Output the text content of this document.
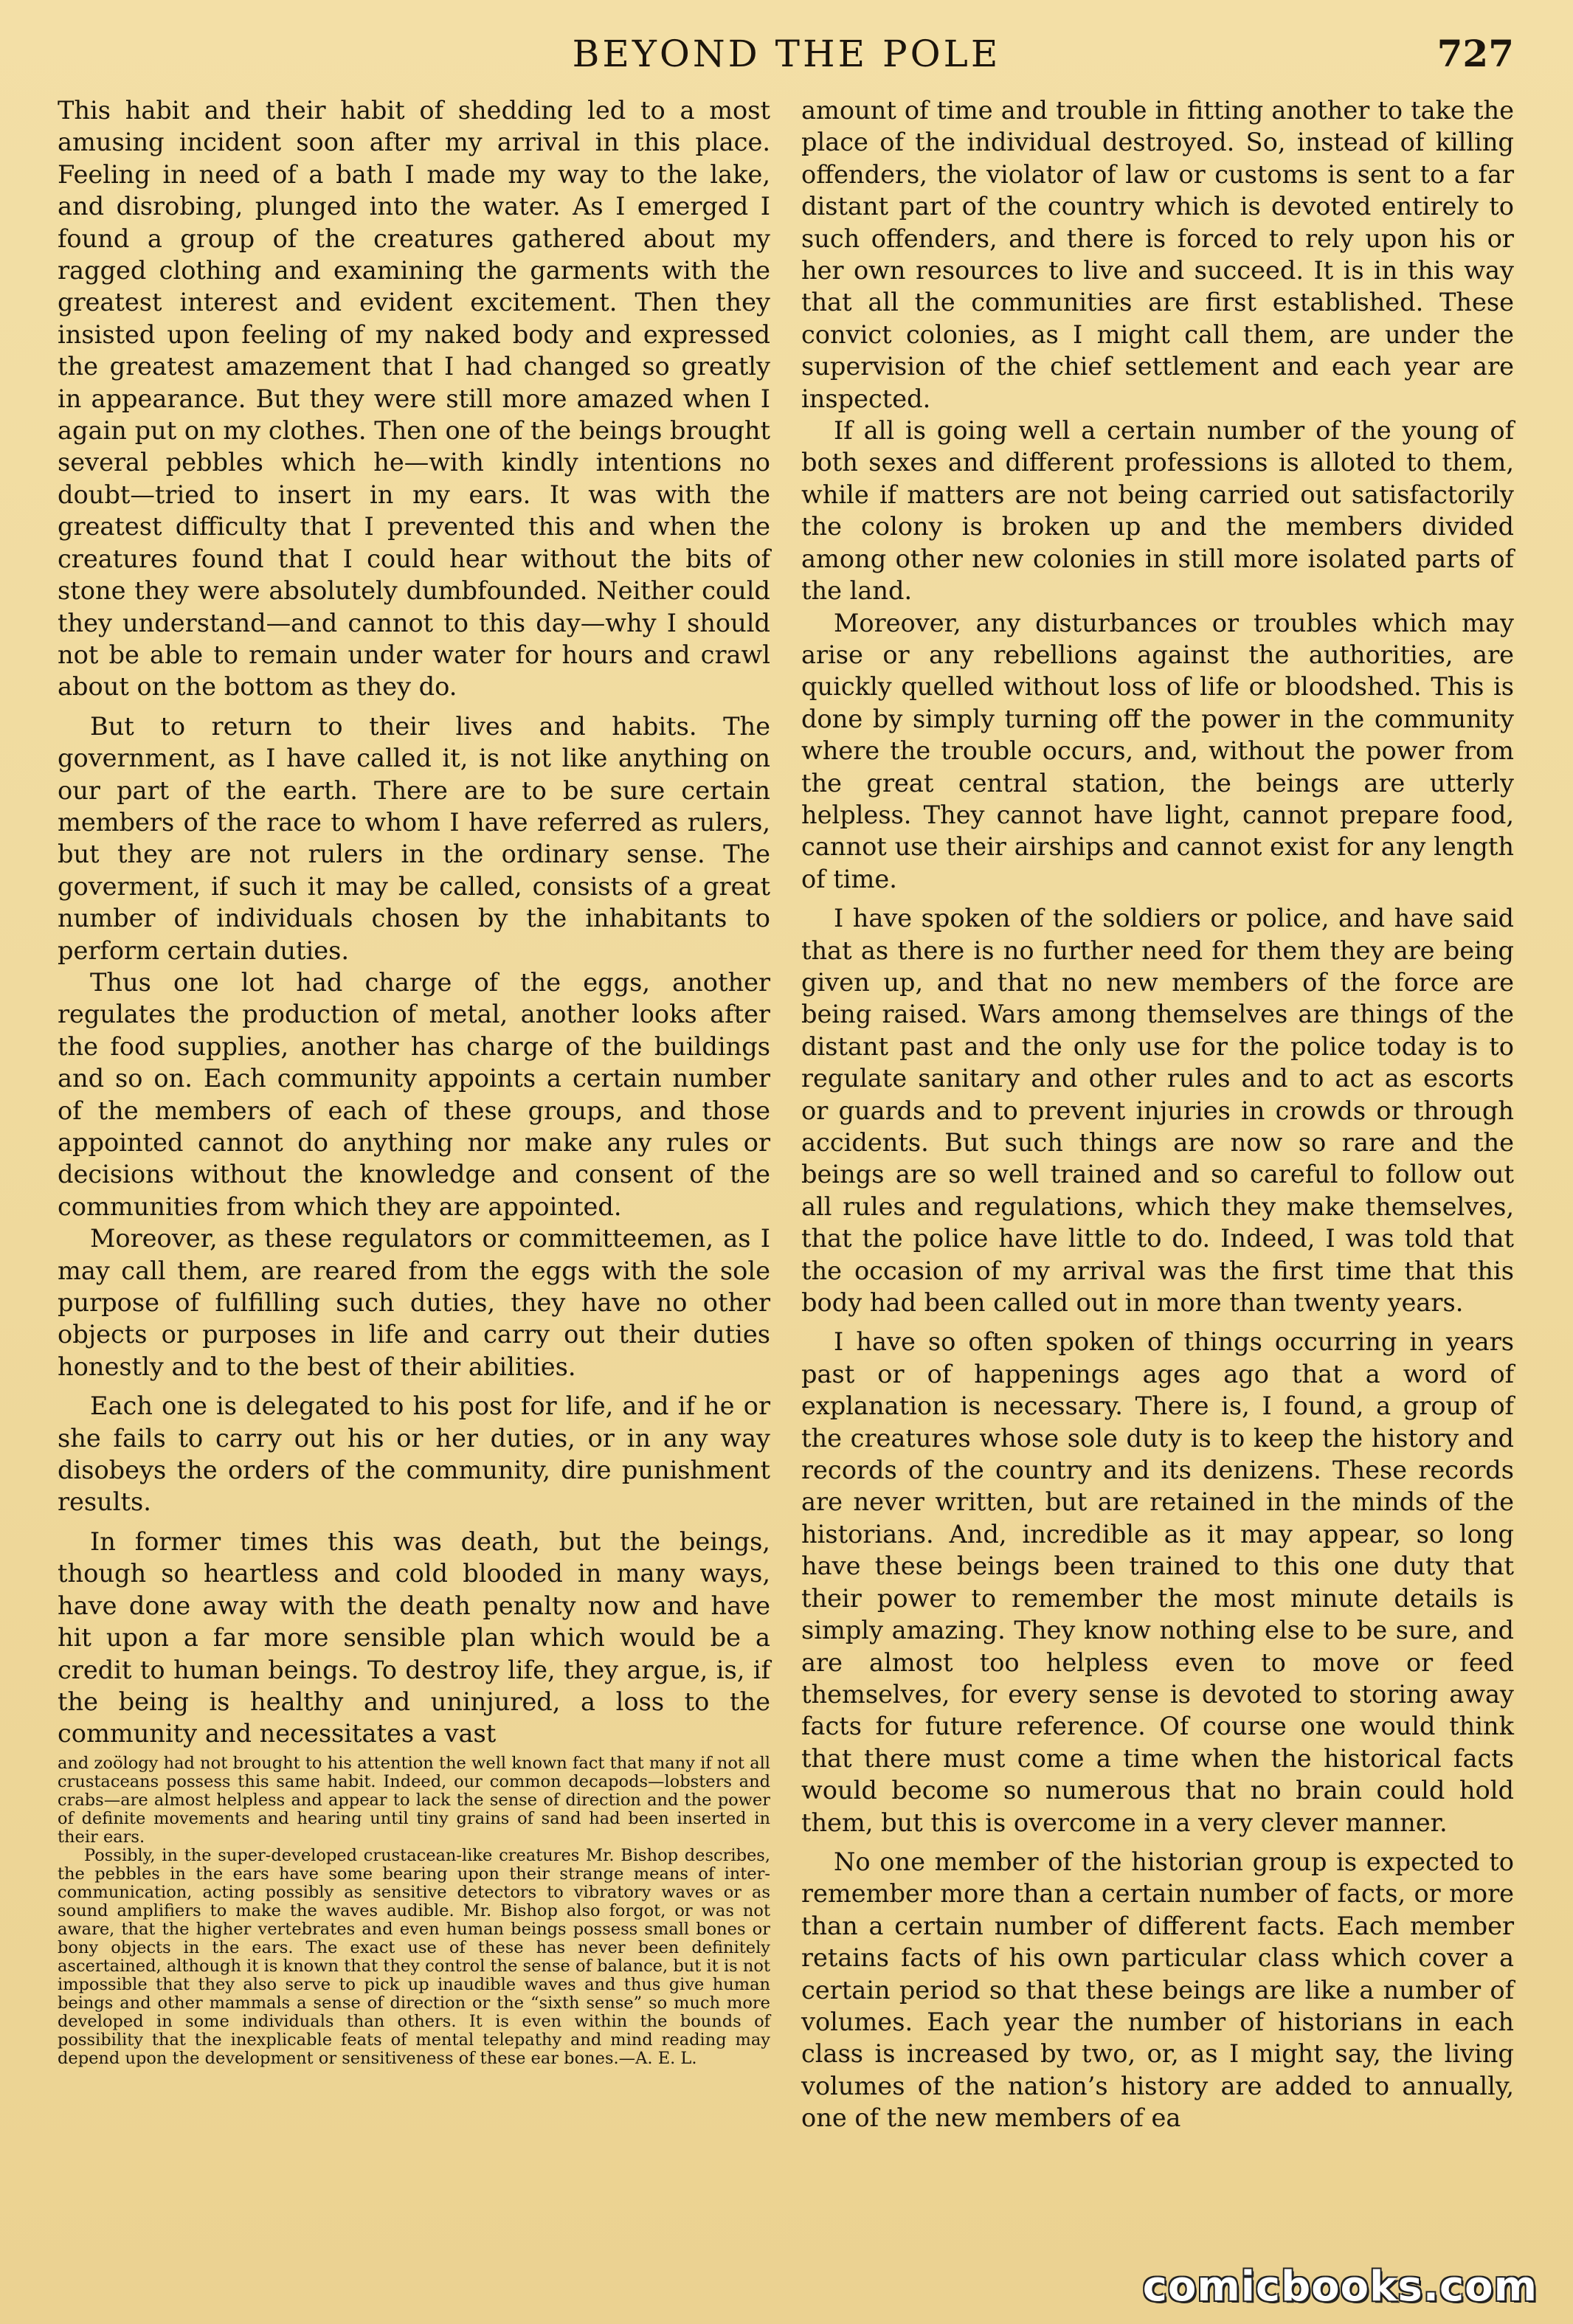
BEYOND THE POLE	727

This habit and their habit of shedding led to a most amusing incident soon after my arrival in this place. Feeling in need of a bath I made my way to the lake, and disrobing, plunged into the water. As I emerged I found a group of the creatures gathered about my ragged clothing and examining the garments with the greatest interest and evident excitement. Then they insisted upon feeling of my naked body and expressed the greatest amazement that I had changed so greatly in appearance. But they were still more amazed when I again put on my clothes. Then one of the beings brought several pebbles which he—with kindly intentions no doubt—tried to insert in my ears. It was with the greatest difficulty that I prevented this and when the creatures found that I could hear without the bits of stone they were absolutely dumbfounded. Neither could they understand—and cannot to this day—why I should not be able to remain under water for hours and crawl about on the bottom as they do.

But to return to their lives and habits. The government, as I have called it, is not like anything on our part of the earth. There are to be sure certain members of the race to whom I have referred as rulers, but they are not rulers in the ordinary sense. The goverment, if such it may be called, consists of a great number of individuals chosen by the inhabitants to perform certain duties.

Thus one lot had charge of the eggs, another regulates the production of metal, another looks after the food supplies, another has charge of the buildings and so on. Each community appoints a certain number of the members of each of these groups, and those appointed cannot do anything nor make any rules or decisions without the knowledge and consent of the communities from which they are appointed.

Moreover, as these regulators or committeemen, as I may call them, are reared from the eggs with the sole purpose of fulfilling such duties, they have no other objects or purposes in life and carry out their duties honestly and to the best of their abilities.

Each one is delegated to his post for life, and if he or she fails to carry out his or her duties, or in any way disobeys the orders of the community, dire punishment results.

In former times this was death, but the beings, though so heartless and cold blooded in many ways, have done away with the death penalty now and have hit upon a far more sensible plan which would be a credit to human beings. To destroy life, they argue, is, if the being is healthy and uninjured, a loss to the community and necessitates a vast

and zoölogy had not brought to his attention the well known fact that many if not all crustaceans possess this same habit. Indeed, our common decapods—lobsters and crabs—are almost helpless and appear to lack the sense of direction and the power of definite movements and hearing until tiny grains of sand had been inserted in their ears.

Possibly, in the super-developed crustacean-like creatures Mr. Bishop describes, the pebbles in the ears have some bearing upon their strange means of inter-communication, acting possibly as sensitive detectors to vibratory waves or as sound amplifiers to make the waves audible. Mr. Bishop also forgot, or was not aware, that the higher vertebrates and even human beings possess small bones or bony objects in the ears. The exact use of these has never been definitely ascertained, although it is known that they control the sense of balance, but it is not impossible that they also serve to pick up inaudible waves and thus give human beings and other mammals a sense of direction or the “sixth sense” so much more developed in some individuals than others. It is even within the bounds of possibility that the inexplicable feats of mental telepathy and mind reading may depend upon the development or sensitiveness of these ear bones.—A. E. L.

amount of time and trouble in fitting another to take the place of the individual destroyed. So, instead of killing offenders, the violator of law or customs is sent to a far distant part of the country which is devoted entirely to such offenders, and there is forced to rely upon his or her own resources to live and succeed. It is in this way that all the communities are first established. These convict colonies, as I might call them, are under the supervision of the chief settlement and each year are inspected.

If all is going well a certain number of the young of both sexes and different professions is alloted to them, while if matters are not being carried out satisfactorily the colony is broken up and the members divided among other new colonies in still more isolated parts of the land.

Moreover, any disturbances or troubles which may arise or any rebellions against the authorities, are quickly quelled without loss of life or bloodshed. This is done by simply turning off the power in the community where the trouble occurs, and, without the power from the great central station, the beings are utterly helpless. They cannot have light, cannot prepare food, cannot use their airships and cannot exist for any length of time.

I have spoken of the soldiers or police, and have said that as there is no further need for them they are being given up, and that no new members of the force are being raised. Wars among themselves are things of the distant past and the only use for the police today is to regulate sanitary and other rules and to act as escorts or guards and to prevent injuries in crowds or through accidents. But such things are now so rare and the beings are so well trained and so careful to follow out all rules and regulations, which they make themselves, that the police have little to do. Indeed, I was told that the occasion of my arrival was the first time that this body had been called out in more than twenty years.

I have so often spoken of things occurring in years past or of happenings ages ago that a word of explanation is necessary. There is, I found, a group of the creatures whose sole duty is to keep the history and records of the country and its denizens. These records are never written, but are retained in the minds of the historians. And, incredible as it may appear, so long have these beings been trained to this one duty that their power to remember the most minute details is simply amazing. They know nothing else to be sure, and are almost too helpless even to move or feed themselves, for every sense is devoted to storing away facts for future reference. Of course one would think that there must come a time when the historical facts would become so numerous that no brain could hold them, but this is overcome in a very clever manner.

No one member of the historian group is expected to remember more than a certain number of facts, or more than a certain number of different facts. Each member retains facts of his own particular class which cover a certain period so that these beings are like a number of volumes. Each year the number of historians in each class is increased by two, or, as I might say, the living volumes of the nation’s history are added to annually, one of the new members of ea

comicbooks.com
